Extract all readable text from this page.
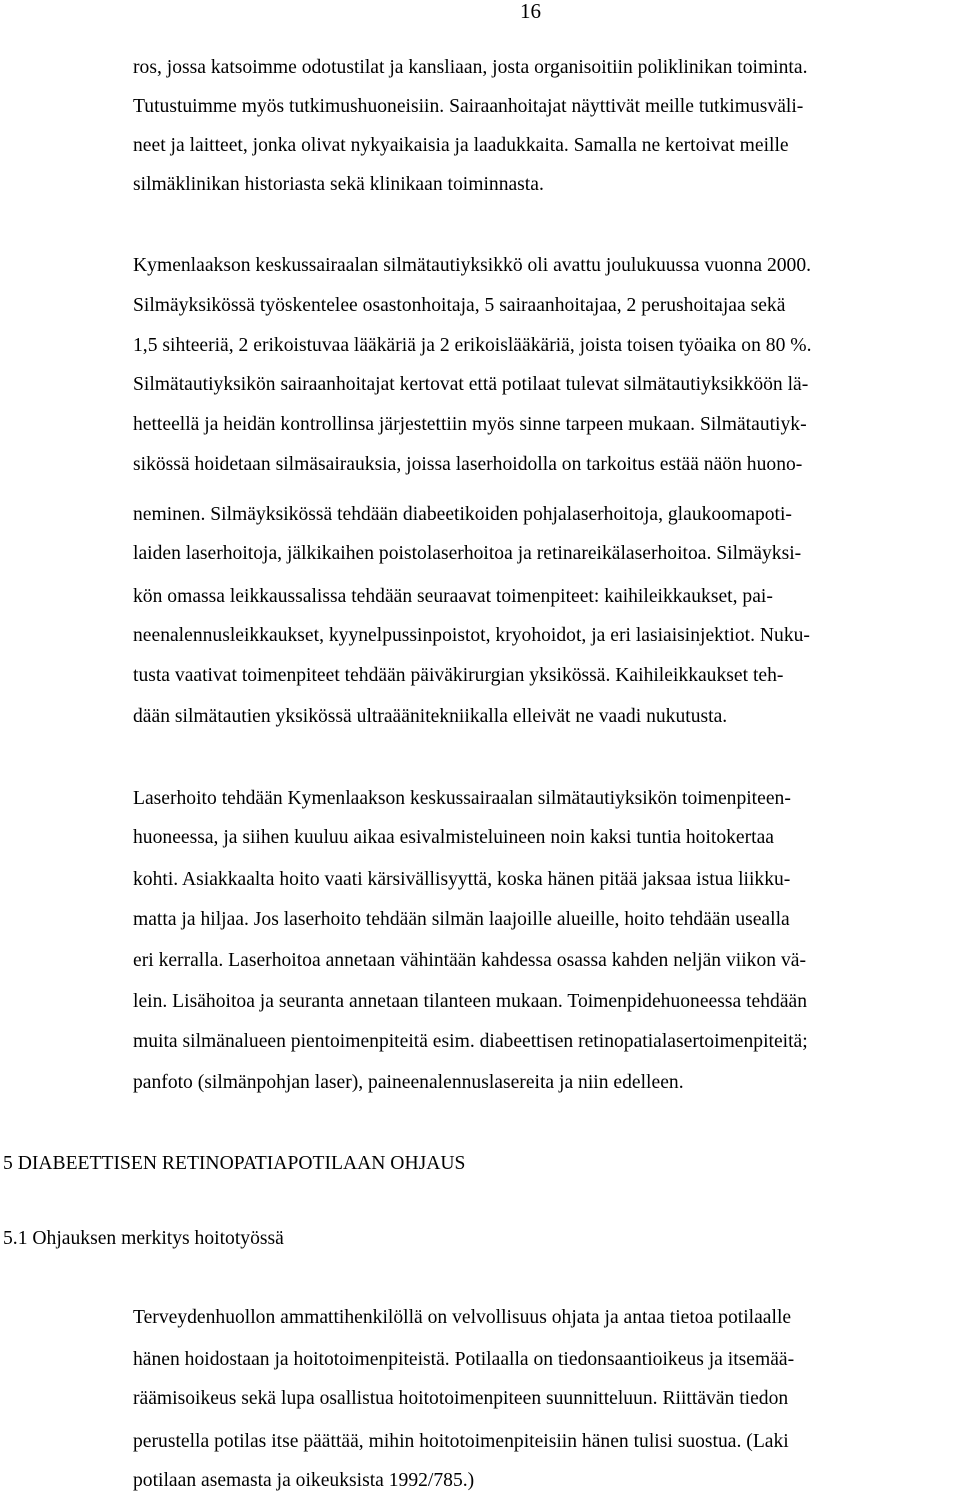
16
ros, jossa katsoimme odotustilat ja kansliaan, josta organisoitiin poliklinikan toiminta.
Tutustuimme myös tutkimushuoneisiin. Sairaanhoitajat näyttivät meille tutkimusväli-
neet ja laitteet, jonka olivat nykyaikaisia ja laadukkaita. Samalla ne kertoivat meille
silmäklinikan historiasta sekä klinikaan toiminnasta.
Kymenlaakson keskussairaalan silmätautiyksikkö oli avattu joulukuussa vuonna 2000.
Silmäyksikössä työskentelee osastonhoitaja, 5 sairaanhoitajaa, 2 perushoitajaa sekä
1,5 sihteeriä, 2 erikoistuvaa lääkäriä ja 2 erikoislääkäriä, joista toisen työaika on 80 %.
Silmätautiyksikön sairaanhoitajat kertovat että potilaat tulevat silmätautiyksikköön lä-
hetteellä ja heidän kontrollinsa järjestettiin myös sinne tarpeen mukaan. Silmätautiyk-
sikössä hoidetaan silmäsairauksia, joissa laserhoidolla on tarkoitus estää näön huono-
neminen. Silmäyksikössä tehdään diabeetikoiden pohjalaserhoitoja, glaukoomapoti-
laiden laserhoitoja, jälkikaihen poistolaserhoitoa ja retinareikälaserhoitoa. Silmäyksi-
kön omassa leikkaussalissa tehdään seuraavat toimenpiteet: kaihileikkaukset, pai-
neenalennusleikkaukset, kyynelpussinpoistot, kryohoidot, ja eri lasiaisinjektiot. Nuku-
tusta vaativat toimenpiteet tehdään päiväkirurgian yksikössä. Kaihileikkaukset teh-
dään silmätautien yksikössä ultraäänitekniikalla elleivät ne vaadi nukutusta.
Laserhoito tehdään Kymenlaakson keskussairaalan silmätautiyksikön toimenpiteen-
huoneessa, ja siihen kuuluu aikaa esivalmisteluineen noin kaksi tuntia hoitokertaa
kohti. Asiakkaalta hoito vaati kärsivällisyyttä, koska hänen pitää jaksaa istua liikku-
matta ja hiljaa. Jos laserhoito tehdään silmän laajoille alueille, hoito tehdään usealla
eri kerralla. Laserhoitoa annetaan vähintään kahdessa osassa kahden neljän viikon vä-
lein. Lisähoitoa ja seuranta annetaan tilanteen mukaan. Toimenpidehuoneessa tehdään
muita silmänalueen pientoimenpiteitä esim. diabeettisen retinopatialasertoimenpiteitä;
panfoto (silmänpohjan laser), paineenalennuslasereita ja niin edelleen.
5 DIABEETTISEN RETINOPATIAPOTILAAN OHJAUS
5.1 Ohjauksen merkitys hoitotyössä
Terveydenhuollon ammattihenkilöllä on velvollisuus ohjata ja antaa tietoa potilaalle
hänen hoidostaan ja hoitotoimenpiteistä. Potilaalla on tiedonsaantioikeus ja itsemää-
räämisoikeus sekä lupa osallistua hoitotoimenpiteen suunnitteluun. Riittävän tiedon
perustella potilas itse päättää, mihin hoitotoimenpiteisiin hänen tulisi suostua. (Laki
potilaan asemasta ja oikeuksista 1992/785.)
